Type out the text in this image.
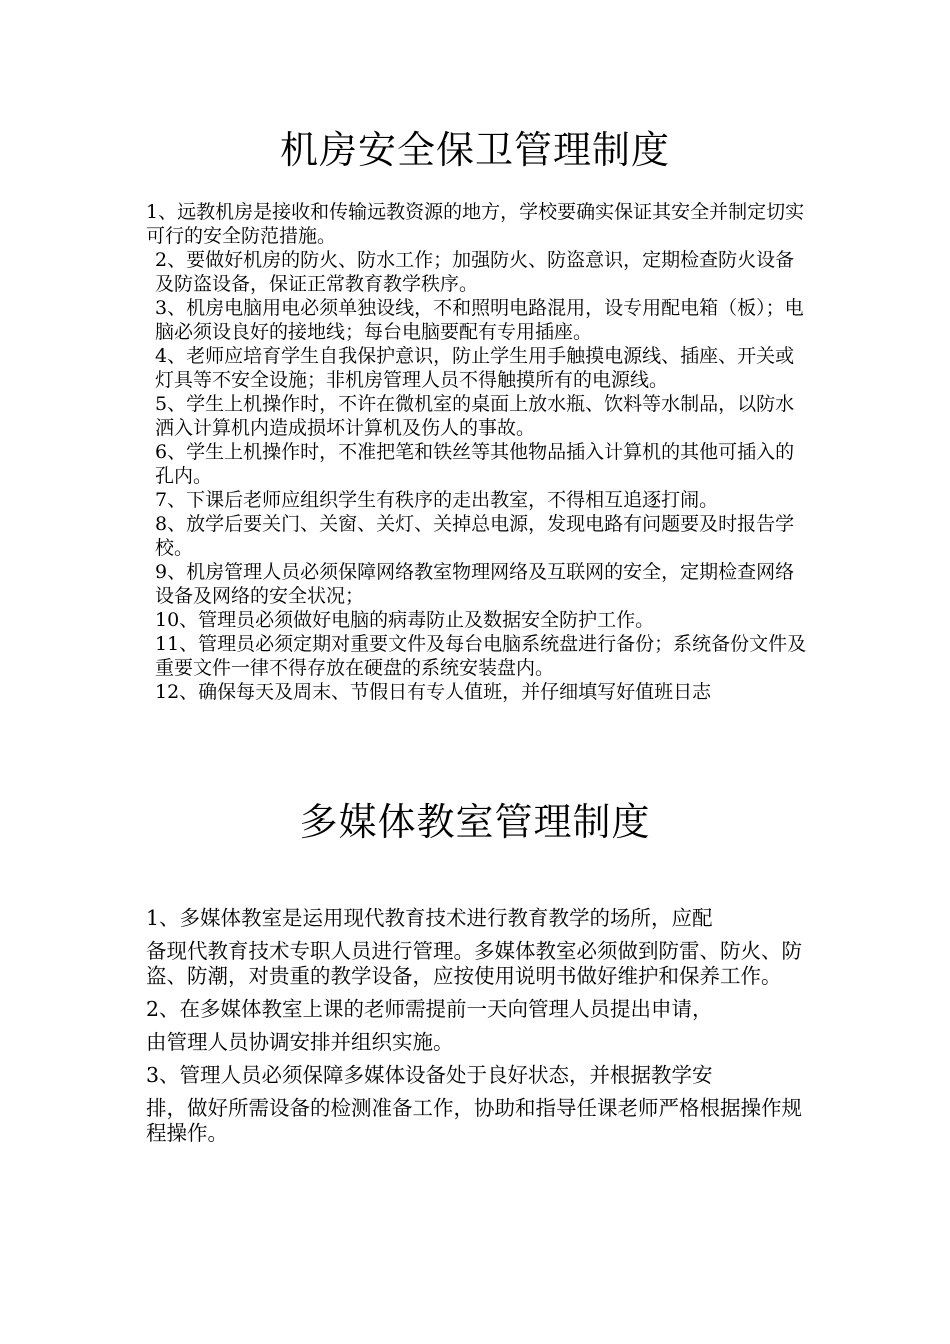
机房安全保卫管理制度

1、远教机房是接收和传输远教资源的地方，学校要确实保证其安全并制定切实可行的安全防范措施。

2、要做好机房的防火、防水工作；加强防火、防盗意识，定期检查防火设备及防盗设备，保证正常教育教学秩序。

3、机房电脑用电必须单独设线，不和照明电路混用，设专用配电箱（板）；电脑必须设良好的接地线；每台电脑要配有专用插座。

4、老师应培育学生自我保护意识，防止学生用手触摸电源线、插座、开关或灯具等不安全设施；非机房管理人员不得触摸所有的电源线。

5、学生上机操作时，不许在微机室的桌面上放水瓶、饮料等水制品，以防水洒入计算机内造成损坏计算机及伤人的事故。

6、学生上机操作时，不准把笔和铁丝等其他物品插入计算机的其他可插入的孔内。

7、下课后老师应组织学生有秩序的走出教室，不得相互追逐打闹。

8、放学后要关门、关窗、关灯、关掉总电源，发现电路有问题要及时报告学校。

9、机房管理人员必须保障网络教室物理网络及互联网的安全，定期检查网络设备及网络的安全状况；

10、管理员必须做好电脑的病毒防止及数据安全防护工作。

11、管理员必须定期对重要文件及每台电脑系统盘进行备份；系统备份文件及重要文件一律不得存放在硬盘的系统安装盘内。

12、确保每天及周末、节假日有专人值班，并仔细填写好值班日志

多媒体教室管理制度

1、多媒体教室是运用现代教育技术进行教育教学的场所，应配
备现代教育技术专职人员进行管理。多媒体教室必须做到防雷、防火、防盗、防潮，对贵重的教学设备，应按使用说明书做好维护和保养工作。

2、在多媒体教室上课的老师需提前一天向管理人员提出申请，
由管理人员协调安排并组织实施。

3、管理人员必须保障多媒体设备处于良好状态，并根据教学安
排，做好所需设备的检测准备工作，协助和指导任课老师严格根据操作规程操作。
